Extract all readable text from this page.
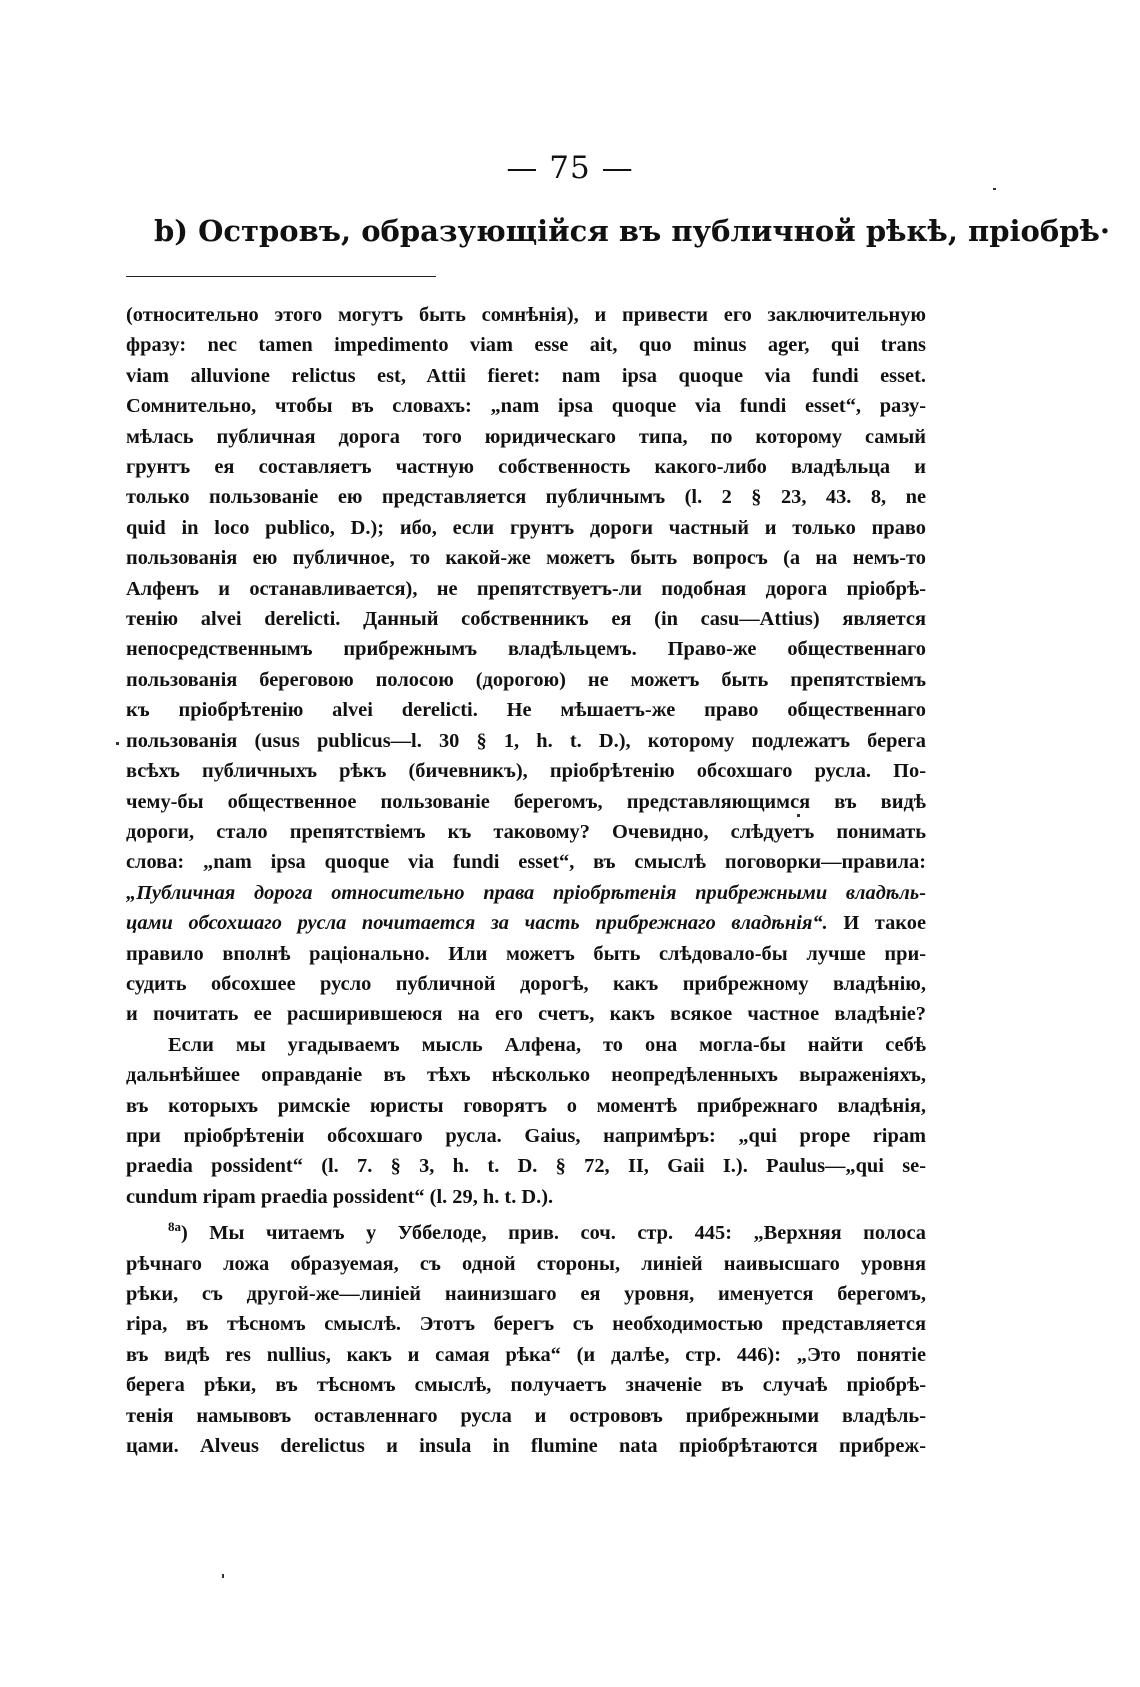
— 75 —
b) Островъ, образующійся въ публичной рѣкѣ, пріобрѣ·
(относительно этого могутъ быть сомнѣнія), и привести его заключительную
фразу: nec tamen impedimento viam esse ait, quo minus ager, qui trans
viam alluvione relictus est, Attii fieret: nam ipsa quoque via fundi esset.
Сомнительно, чтобы въ словахъ: „nam ipsa quoque via fundi esset“, разу-
мѣлась публичная дорога того юридическаго типа, по которому самый
грунтъ ея составляетъ частную собственность какого-либо владѣльца и
только пользованіе ею представляется публичнымъ (l. 2 § 23, 43. 8, ne
quid in loco publico, D.); ибо, если грунтъ дороги частный и только право
пользованія ею публичное, то какой-же можетъ быть вопросъ (а на немъ-то
Алфенъ и останавливается), не препятствуетъ-ли подобная дорога пріобрѣ-
тенію alvei derelicti. Данный собственникъ ея (in casu—Attius) является
непосредственнымъ прибрежнымъ владѣльцемъ. Право-же общественнаго
пользованія береговою полосою (дорогою) не можетъ быть препятствіемъ
къ пріобрѣтенію alvei derelicti. Не мѣшаетъ-же право общественнаго
пользованія (usus publicus—l. 30 § 1, h. t. D.), которому подлежатъ берега
всѣхъ публичныхъ рѣкъ (бичевникъ), пріобрѣтенію обсохшаго русла. По-
чему-бы общественное пользованіе берегомъ, представляющимся въ видѣ
дороги, стало препятствіемъ къ таковому? Очевидно, слѣдуетъ понимать
слова: „nam ipsa quoque via fundi esset“, въ смыслѣ поговорки—правила:
„Публичная дорога относительно права пріобрѣтенія прибрежными владѣль-
цами обсохшаго русла почитается за часть прибрежнаго владѣнія“. И такое
правило вполнѣ раціонально. Или можетъ быть слѣдовало-бы лучше при-
судить обсохшее русло публичной дорогѣ, какъ прибрежному владѣнію,
и почитать ее расширившеюся на его счетъ, какъ всякое частное владѣніе?
Если мы угадываемъ мысль Алфена, то она могла-бы найти себѣ
дальнѣйшее оправданіе въ тѣхъ нѣсколько неопредѣленныхъ выраженіяхъ,
въ которыхъ римскіе юристы говорятъ о моментѣ прибрежнаго владѣнія,
при пріобрѣтеніи обсохшаго русла. Gaius, напримѣръ: „qui prope ripam
praedia possident“ (l. 7. § 3, h. t. D. § 72, II, Gaii I.). Paulus—„qui se-
cundum ripam praedia possident“ (l. 29, h. t. D.).
$^{8a}$) Мы читаемъ у Уббелоде, прив. соч. стр. 445: „Верхняя полоса
рѣчнаго ложа образуемая, съ одной стороны, линіей наивысшаго уровня
рѣки, съ другой-же—линіей наинизшаго ея уровня, именуется берегомъ,
ripa, въ тѣсномъ смыслѣ. Этотъ берегъ съ необходимостью представляется
въ видѣ res nullius, какъ и самая рѣка“ (и далѣе, стр. 446): „Это понятіе
берега рѣки, въ тѣсномъ смыслѣ, получаетъ значеніе въ случаѣ пріобрѣ-
тенія намывовъ оставленнаго русла и острововъ прибрежными владѣль-
цами. Alveus derelictus и insula in flumine nata пріобрѣтаются прибреж-
